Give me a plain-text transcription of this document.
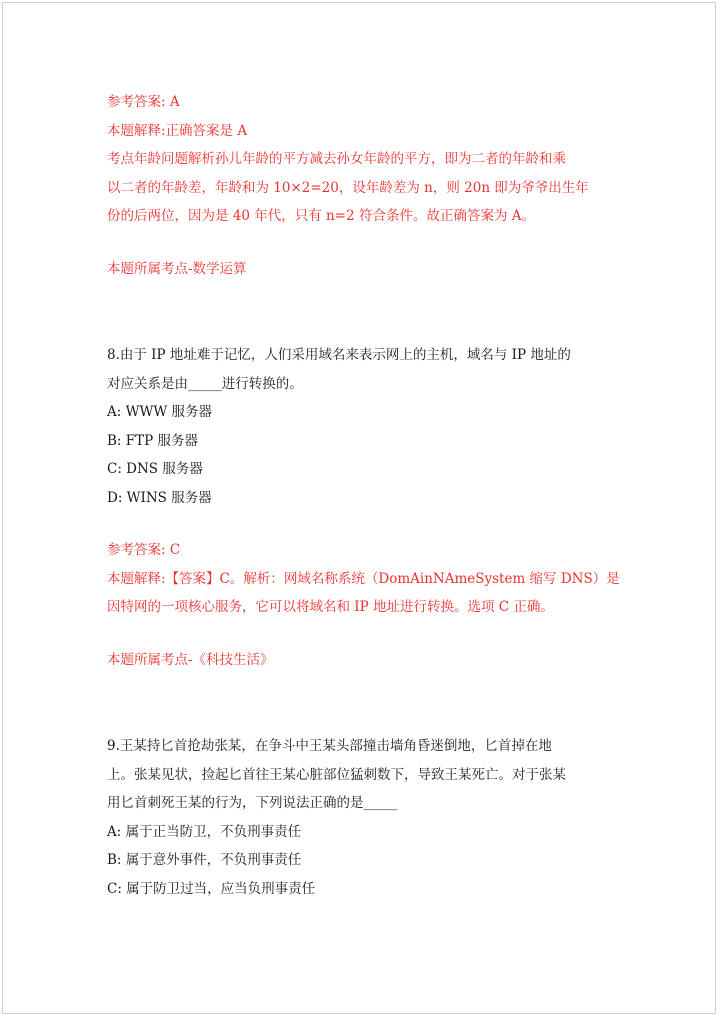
参考答案: A
本题解释:正确答案是 A
考点年龄问题解析孙儿年龄的平方减去孙女年龄的平方，即为二者的年龄和乘
以二者的年龄差，年龄和为 10×2=20，设年龄差为 n，则 20n 即为爷爷出生年
份的后两位，因为是 40 年代，只有 n=2 符合条件。故正确答案为 A。
本题所属考点-数学运算
8.由于 IP 地址难于记忆，人们采用域名来表示网上的主机，域名与 IP 地址的
对应关系是由_____进行转换的。
A: WWW 服务器
B: FTP 服务器
C: DNS 服务器
D: WINS 服务器
参考答案: C
本题解释:【答案】C。解析：网域名称系统（DomAinNAmeSystem 缩写 DNS）是
因特网的一项核心服务，它可以将域名和 IP 地址进行转换。选项 C 正确。
本题所属考点-《科技生活》
9.王某持匕首抢劫张某，在争斗中王某头部撞击墙角昏迷倒地，匕首掉在地
上。张某见状，捡起匕首往王某心脏部位猛刺数下，导致王某死亡。对于张某
用匕首刺死王某的行为，下列说法正确的是_____
A: 属于正当防卫，不负刑事责任
B: 属于意外事件，不负刑事责任
C: 属于防卫过当，应当负刑事责任
